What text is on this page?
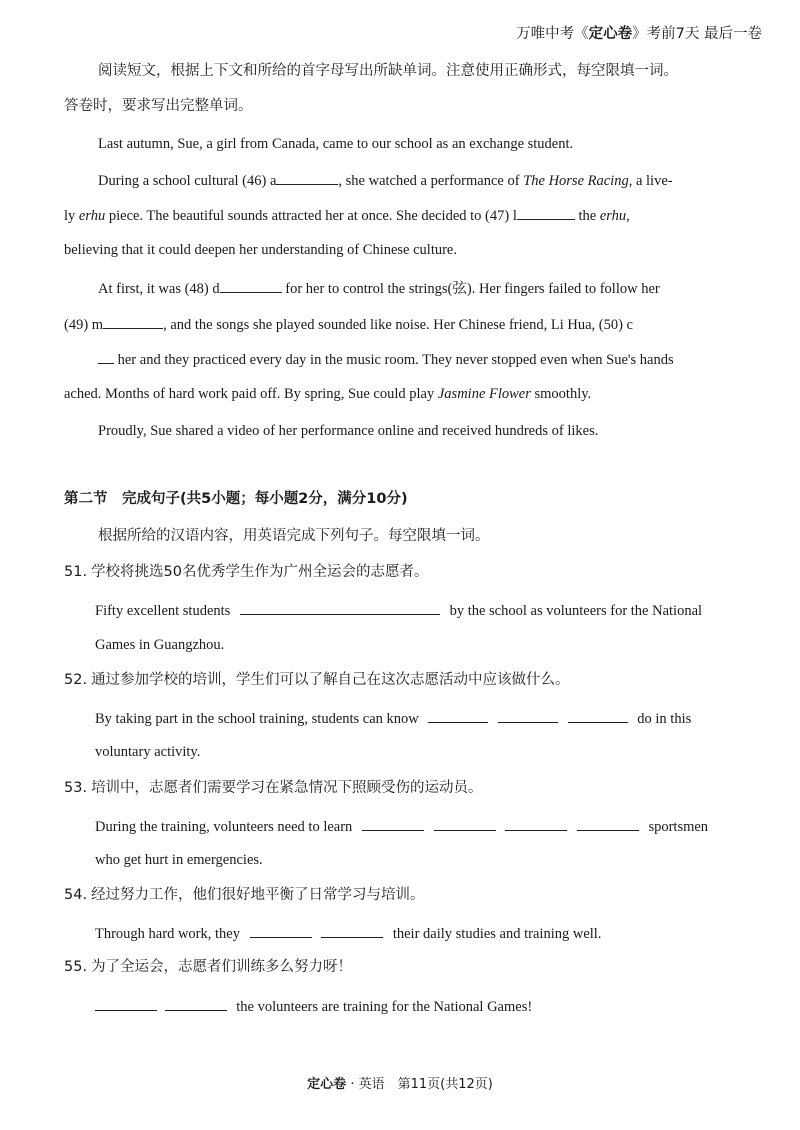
万唯中考《定心卷》考前7天 最后一卷
阅读短文，根据上下文和所给的首字母写出所缺单词。注意使用正确形式，每空限填一词。
答卷时，要求写出完整单词。
Last autumn, Sue, a girl from Canada, came to our school as an exchange student.
During a school cultural (46) a	, she watched a performance of The Horse Racing, a live-
ly erhu piece. The beautiful sounds attracted her at once. She decided to (47) l	the erhu,
believing that it could deepen her understanding of Chinese culture.
At first, it was (48) d	for her to control the strings(弦). Her fingers failed to follow her
(49) m	, and the songs she played sounded like noise. Her Chinese friend, Li Hua, (50) c
her and they practiced every day in the music room. They never stopped even when Sue's hands
ached. Months of hard work paid off. By spring, Sue could play Jasmine Flower smoothly.
Proudly, Sue shared a video of her performance online and received hundreds of likes.
第二节　完成句子(共5小题；每小题2分，满分10分)
根据所给的汉语内容，用英语完成下列句子。每空限填一词。
51. 学校将挑选50名优秀学生作为广州全运会的志愿者。
Fifty excellent students	by the school as volunteers for the National
Games in Guangzhou.
52. 通过参加学校的培训，学生们可以了解自己在这次志愿活动中应该做什么。
By taking part in the school training, students can know	do in this
voluntary activity.
53. 培训中，志愿者们需要学习在紧急情况下照顾受伤的运动员。
During the training, volunteers need to learn	sportsmen
who get hurt in emergencies.
54. 经过努力工作，他们很好地平衡了日常学习与培训。
Through hard work, they	their daily studies and training well.
55. 为了全运会，志愿者们训练多么努力呀！
the volunteers are training for the National Games!
定心卷 · 英语　第11页(共12页)
